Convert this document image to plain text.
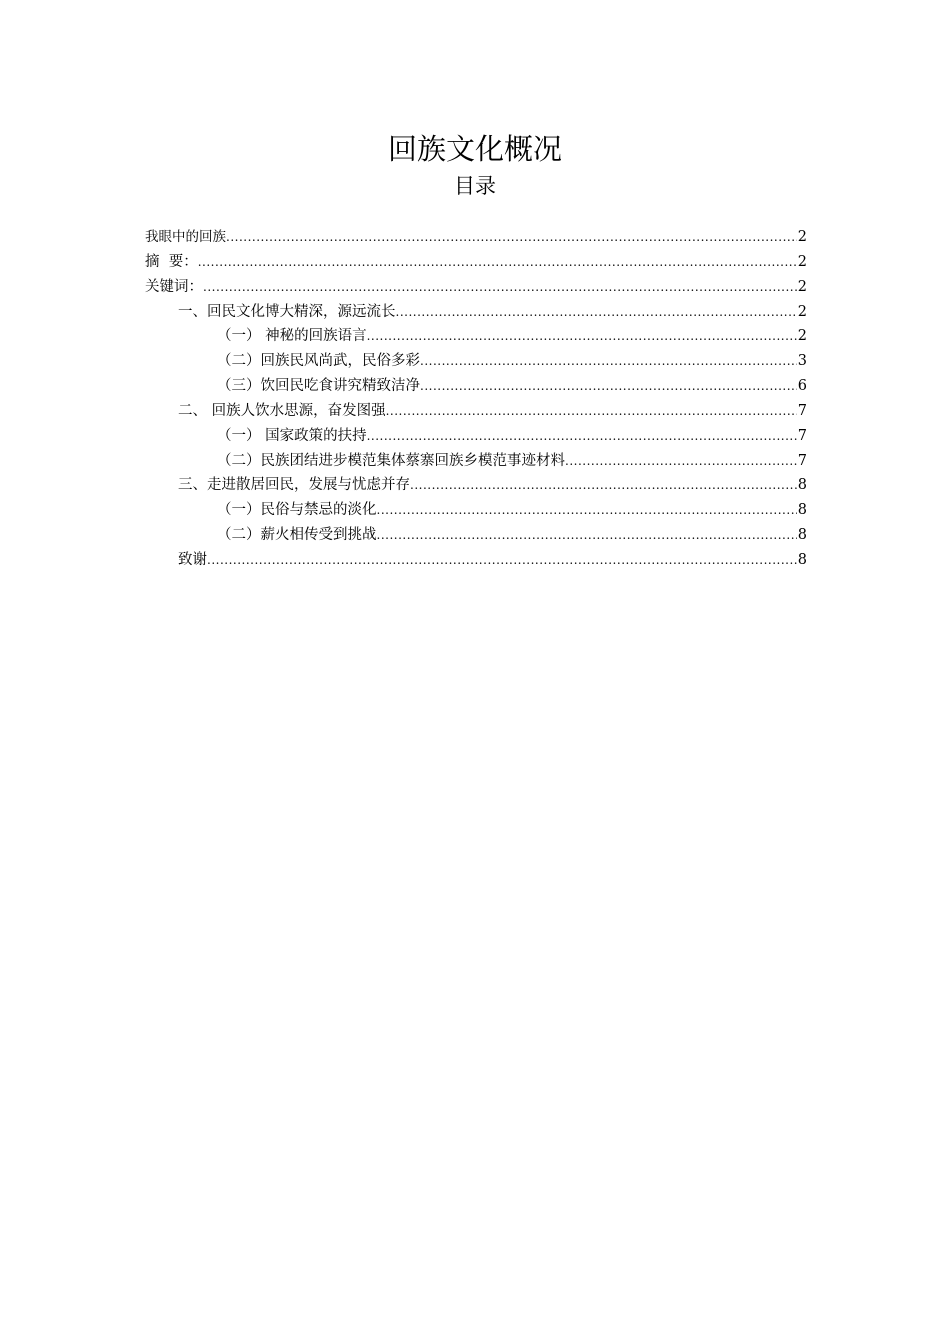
回族文化概况
目录
我眼中的回族 .....	2
摘  要： .....	2
关键词： .....	2
一、回民文化博大精深，源远流长 .....	2
（一） 神秘的回族语言 .....	2
（二）回族民风尚武，民俗多彩 .....	3
（三）饮回民吃食讲究精致洁净 .....	6
二、 回族人饮水思源，奋发图强 .....	7
（一） 国家政策的扶持 .....	7
（二）民族团结进步模范集体蔡寨回族乡模范事迹材料 .....	7
三、走进散居回民，发展与忧虑并存 .....	8
（一）民俗与禁忌的淡化 .....	8
（二）薪火相传受到挑战 .....	8
致谢 .....	8
